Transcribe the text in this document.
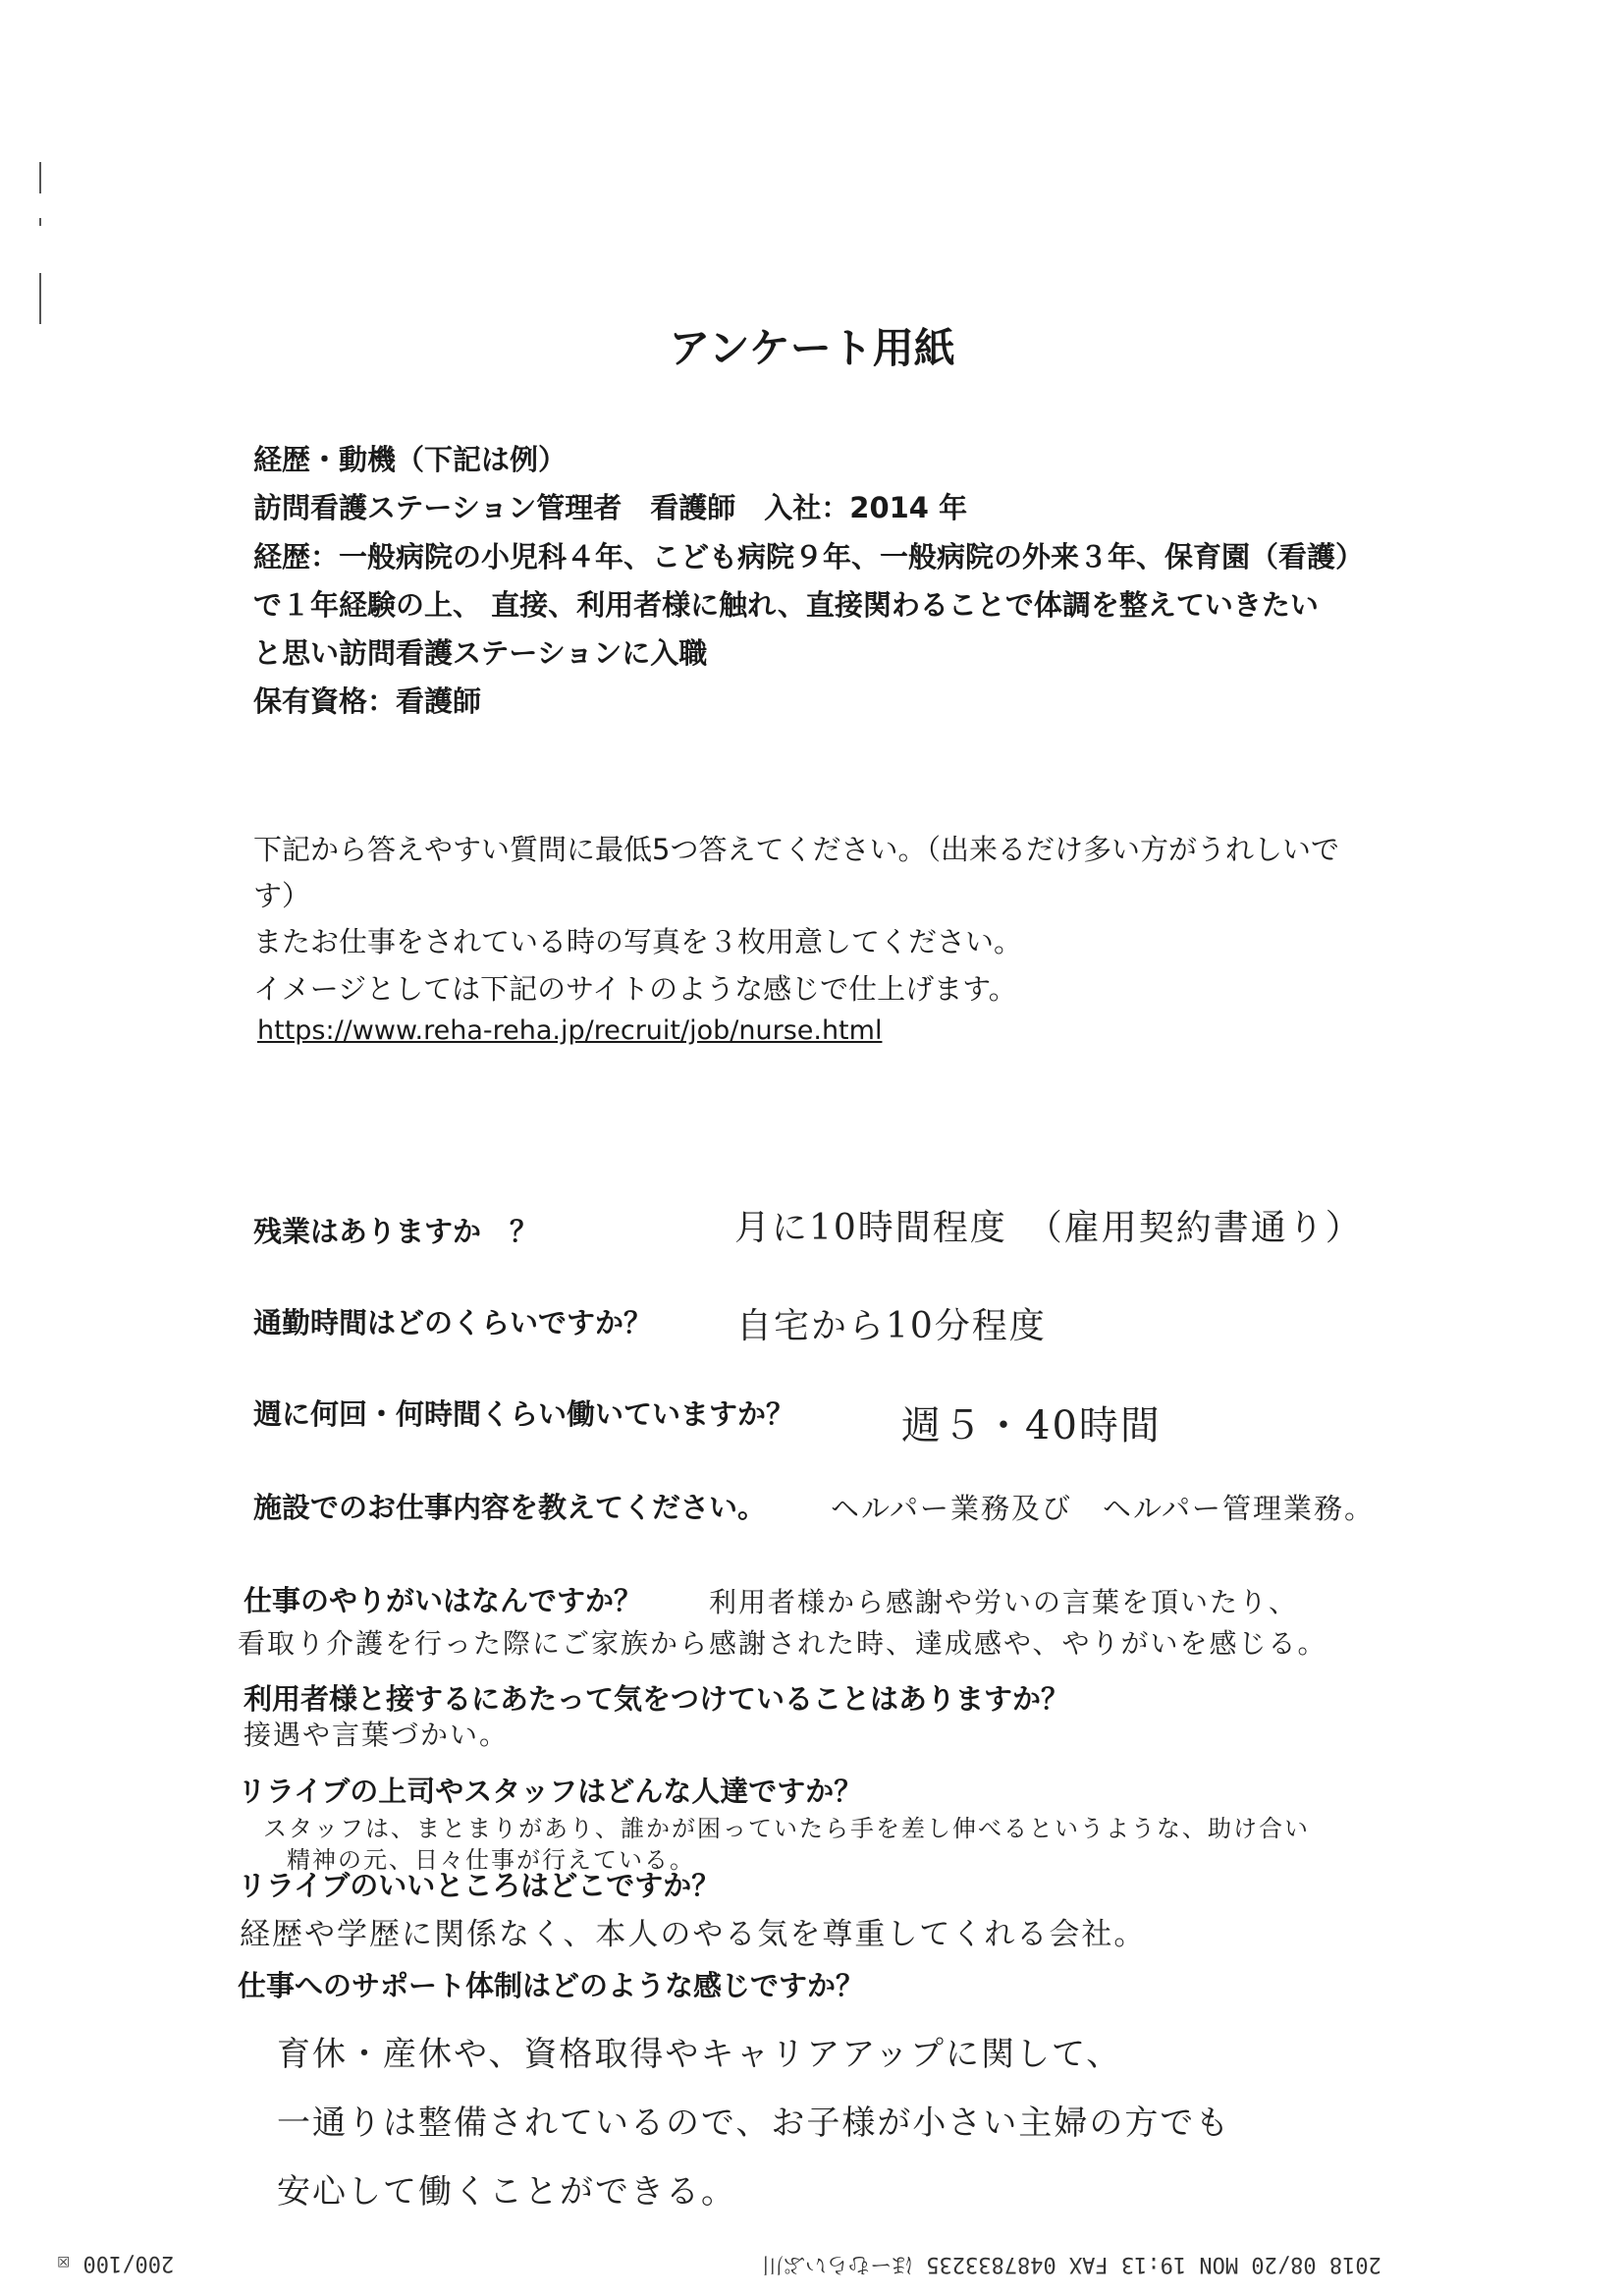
アンケート用紙
経歴・動機（下記は例）
訪問看護ステーション管理者　看護師　入社：2014 年
経歴：一般病院の小児科４年、こども病院９年、一般病院の外来３年、保育園（看護）
で１年経験の上、 直接、利用者様に触れ、直接関わることで体調を整えていきたい
と思い訪問看護ステーションに入職
保有資格：看護師
下記から答えやすい質問に最低5つ答えてください。（出来るだけ多い方がうれしいで
す）
またお仕事をされている時の写真を３枚用意してください。
イメージとしては下記のサイトのような感じで仕上げます。
https://www.reha-reha.jp/recruit/job/nurse.html
残業はありますか　？	月に10時間程度　（雇用契約書通り）
通勤時間はどのくらいですか？ 自宅から10分程度
週に何回・何時間くらい働いていますか？	週５・40時間
施設でのお仕事内容を教えてください。 ヘルパー業務及び　ヘルパー管理業務。
仕事のやりがいはなんですか？ 利用者様から感謝や労いの言葉を頂いたり、
看取り介護を行った際にご家族から感謝された時、達成感や、やりがいを感じる。
利用者様と接するにあたって気をつけていることはありますか？
接遇や言葉づかい。
リライブの上司やスタッフはどんな人達ですか？
スタッフは、まとまりがあり、誰かが困っていたら手を差し伸べるというような、助け合い
精神の元、日々仕事が行えている。
リライブのいいところはどこですか？
経歴や学歴に関係なく、本人のやる気を尊重してくれる会社。
仕事へのサポート体制はどのような感じですか？
育休・産休や、資格取得やキャリアアップに関して、
一通りは整備されているので、お子様が小さい主婦の方でも
安心して働くことができる。
200/100 ☒	2018 08/20 MON 19:13 FAX 0487833235 ほーむらいぷ川
